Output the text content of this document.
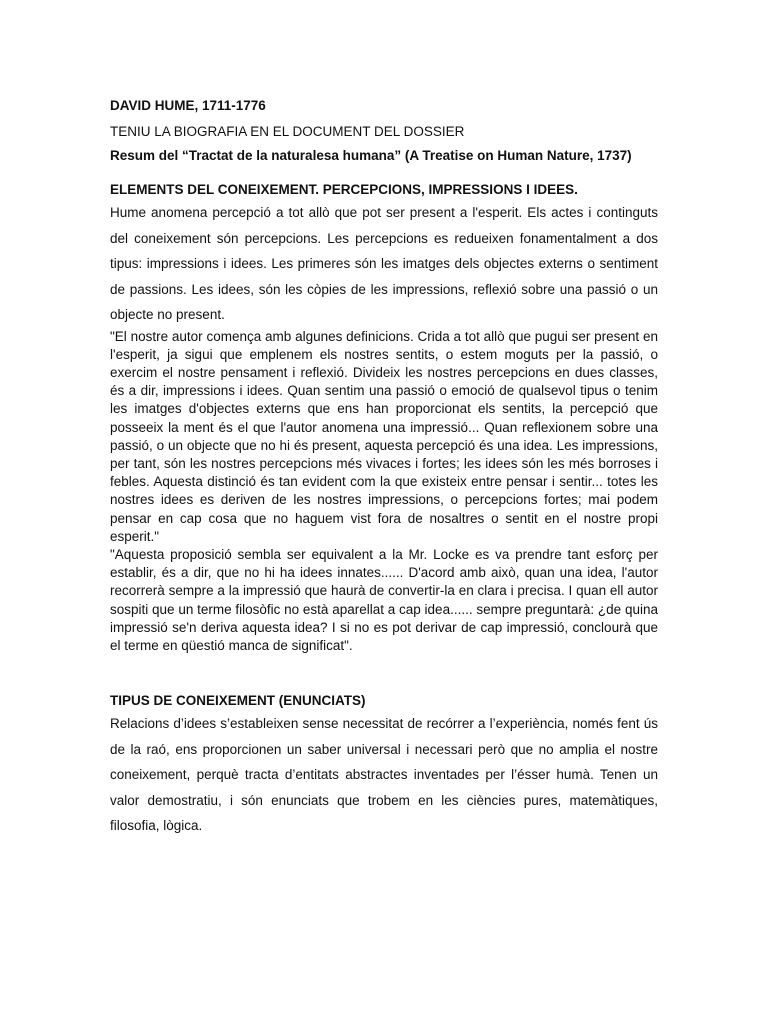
DAVID HUME, 1711-1776

TENIU LA BIOGRAFIA EN EL DOCUMENT DEL DOSSIER

Resum del “Tractat de la naturalesa humana” (A Treatise on Human Nature, 1737)

ELEMENTS DEL CONEIXEMENT. PERCEPCIONS, IMPRESSIONS I IDEES.

Hume anomena percepció a tot allò que pot ser present a l'esperit. Els actes i continguts del coneixement són percepcions. Les percepcions es redueixen fonamentalment a dos tipus: impressions i idees. Les primeres són les imatges dels objectes externs o sentiment de passions. Les idees, són les còpies de les impressions, reflexió sobre una passió o un objecte no present.

"El nostre autor comença amb algunes definicions. Crida a tot allò que pugui ser present en l'esperit, ja sigui que emplenem els nostres sentits, o estem moguts per la passió, o exercim el nostre pensament i reflexió. Divideix les nostres percepcions en dues classes, és a dir, impressions i idees. Quan sentim una passió o emoció de qualsevol tipus o tenim les imatges d'objectes externs que ens han proporcionat els sentits, la percepció que posseeix la ment és el que l'autor anomena una impressió... Quan reflexionem sobre una passió, o un objecte que no hi és present, aquesta percepció és una idea. Les impressions, per tant, són les nostres percepcions més vivaces i fortes; les idees són les més borroses i febles. Aquesta distinció és tan evident com la que existeix entre pensar i sentir... totes les nostres idees es deriven de les nostres impressions, o percepcions fortes; mai podem pensar en cap cosa que no haguem vist fora de nosaltres o sentit en el nostre propi esperit."

"Aquesta proposició sembla ser equivalent a la Mr. Locke es va prendre tant esforç per establir, és a dir, que no hi ha idees innates...... D'acord amb això, quan una idea, l'autor recorrerà sempre a la impressió que haurà de convertir-la en clara i precisa. I quan ell autor sospiti que un terme filosòfic no està aparellat a cap idea...... sempre preguntarà: ¿de quina impressió se'n deriva aquesta idea? I si no es pot derivar de cap impressió, conclourà que el terme en qüestió manca de significat".

TIPUS DE CONEIXEMENT (ENUNCIATS)

Relacions d’idees s’estableixen sense necessitat de recórrer a l’experiència, només fent ús de la raó, ens proporcionen un saber universal i necessari però que no amplia el nostre coneixement, perquè tracta d’entitats abstractes inventades per l’ésser humà. Tenen un valor demostratiu, i són enunciats que trobem en les ciències pures, matemàtiques, filosofia, lògica.
